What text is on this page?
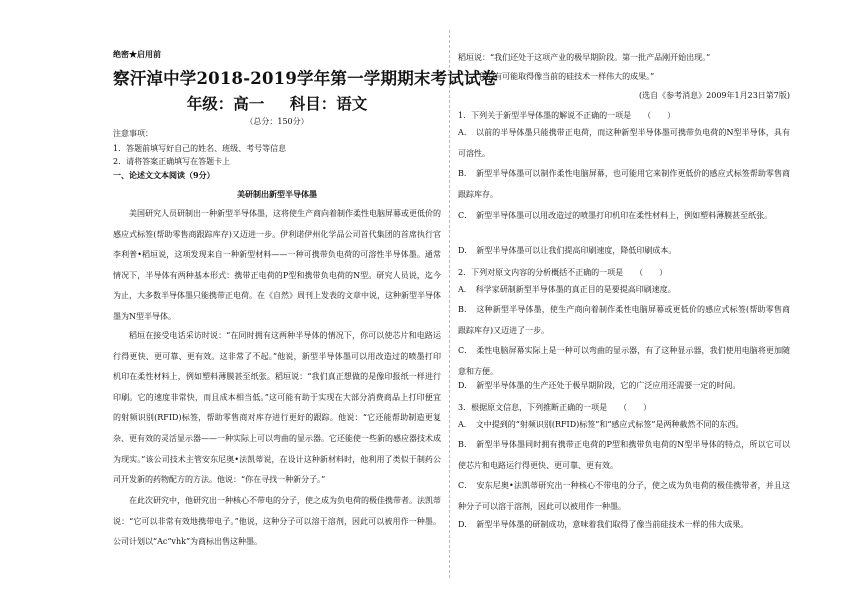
绝密★启用前
察汗淖中学2018-2019学年第一学期期末考试试卷
年级：高一 科目：语文
（总分：150分）
注意事项：
1．答题前填写好自己的姓名、班级、考号等信息
2．请将答案正确填写在答题卡上
一、论述文文本阅读（9分）
美研制出新型半导体墨
美国研究人员研制出一种新型半导体墨，这将使生产商向着制作柔性电脑屏幕或更低价的感应式标签(帮助零售商跟踪库存)又迈进一步。伊利诺伊州化学品公司首代集团的首席执行官李利普•稻垣说，这项发现来自一种新型材料——一种可携带负电荷的可溶性半导体墨。通常情况下，半导体有两种基本形式：携带正电荷的P型和携带负电荷的N型。研究人员说，迄今为止，大多数半导体墨只能携带正电荷。在《自然》周刊上发表的文章中说，这种新型半导体墨为N型半导体。
稻垣在接受电话采访时说：“在同时拥有这两种半导体的情况下，你可以使芯片和电路运行得更快、更可靠、更有效。这非常了不起。”他说，新型半导体墨可以用改造过的喷墨打印机印在柔性材料上，例如塑料薄膜甚至纸张。稻垣说：“我们真正想做的是像印报纸一样进行印刷。它的速度非常快，而且成本相当低。”这可能有助于实现在大部分消费商品上打印便宜的射频识别(RFID)标签，帮助零售商对库存进行更好的跟踪。他说：“它还能帮助制造更复杂、更有效的灵活显示器——一种实际上可以弯曲的显示器。它还能使一些新的感应器技术成为现实。”该公司技术主管安东尼奥•法凯蒂说，在设计这种新材料时，他利用了类似于制药公司开发新的药物配方的方法。他说：“你在寻找一种新分子。”
在此次研究中，他研究出一种核心不带电的分子，使之成为负电荷的极佳携带者。法凯蒂说：“它可以非常有效地携带电子。”他说，这种分子可以溶于溶剂，因此可以被用作一种墨。公司计划以“Ac“vhk”为商标出售这种墨。
稻垣说：“我们还处于这项产业的极早期阶段。第一批产品刚开始出现。”
“我们有可能取得像当前的硅技术一样伟大的成果。”
(选自《参考消息》2009年1月23日第7版)
1．下列关于新型半导体墨的解说不正确的一项是　　（　　）
A．　以前的半导体墨只能携带正电荷，而这种新型半导体墨可携带负电荷的N型半导体，具有可溶性。
B．　新型半导体墨可以制作柔性电脑屏幕，也可能用它来制作更低价的感应式标签帮助零售商跟踪库存。
C．　新型半导体墨可以用改造过的喷墨打印机印在柔性材料上，例如塑料薄膜甚至纸张。
D．　新型半导体墨可以让我们提高印刷速度，降低印刷成本。
2．下列对原文内容的分析概括不正确的一项是　　（　　）
A．　科学家研制新型半导体墨的真正目的是要提高印刷速度。
B．　这种新型半导体墨，使生产商向着制作柔性电脑屏幕或更低价的感应式标签(帮助零售商跟踪库存)又迈进了一步。
C．　柔性电脑屏幕实际上是一种可以弯曲的显示器，有了这种显示器，我们使用电脑将更加随意和方便。
D．　新型半导体墨的生产还处于极早期阶段，它的广泛应用还需要一定的时间。
3．根据原文信息，下列推断正确的一项是　　（　　）
A．　文中提到的“射频识别(RFID)标签”和“感应式标签”是两种截然不同的东西。
B．　新型半导体墨同时拥有携带正电荷的P型和携带负电荷的N型半导体的特点，所以它可以使芯片和电路运行得更快、更可靠、更有效。
C．　安东尼奥•法凯蒂研究出一种核心不带电的分子，使之成为负电荷的极佳携带者，并且这种分子可以溶于溶剂，因此可以被用作一种墨。
D．　新型半导体墨的研制成功，意味着我们取得了像当前硅技术一样的伟大成果。
